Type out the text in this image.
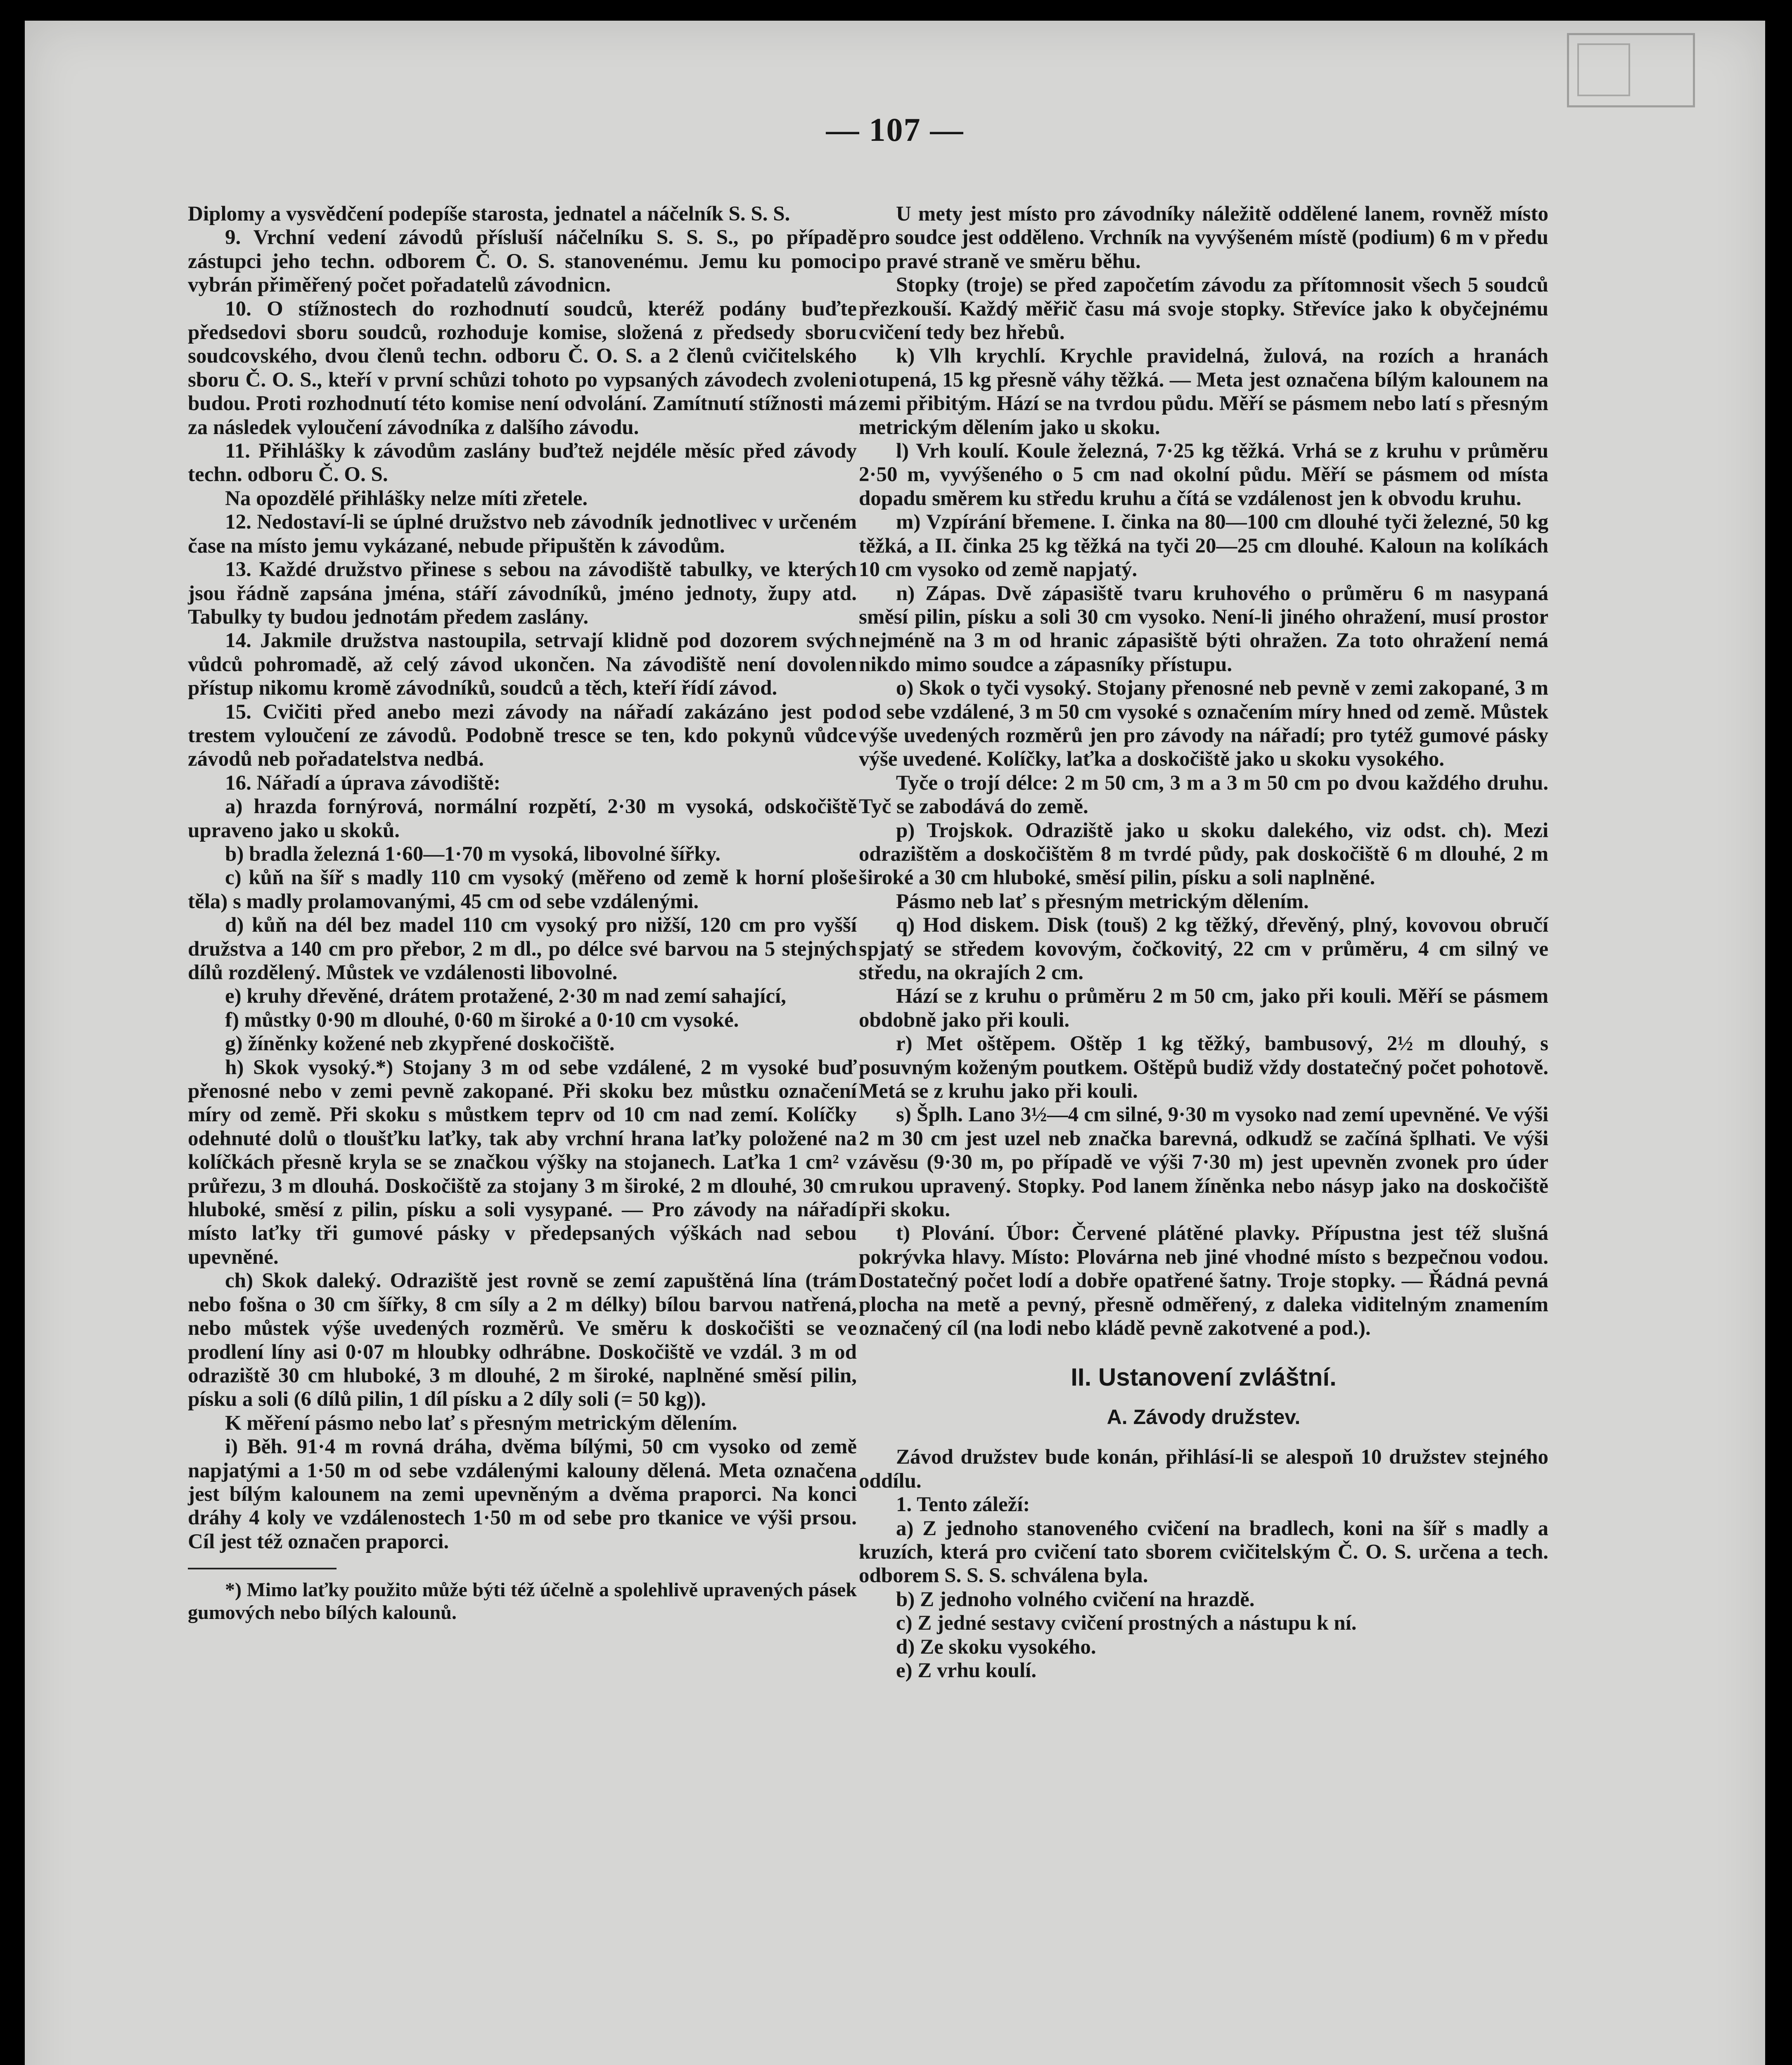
— 107 —

Diplomy a vysvědčení podepíše starosta, jednatel a náčelník S. S. S.

9. Vrchní vedení závodů přísluší náčelníku S. S. S., po případě zástupci jeho techn. odborem Č. O. S. stanovenému. Jemu ku pomoci vybrán přiměřený počet pořadatelů závodnicn.

10. O stížnostech do rozhodnutí soudců, kteréž podány buďte předsedovi sboru soudců, rozhoduje komise, složená z předsedy sboru soudcovského, dvou členů techn. odboru Č. O. S. a 2 členů cvičitelského sboru Č. O. S., kteří v první schůzi tohoto po vypsaných závodech zvoleni budou. Proti rozhodnutí této komise není odvolání. Zamítnutí stížnosti má za následek vyloučení závodníka z dalšího závodu.

11. Přihlášky k závodům zaslány buďtež nejdéle měsíc před závody techn. odboru Č. O. S.

Na opozdělé přihlášky nelze míti zřetele.

12. Nedostaví-li se úplné družstvo neb závodník jednotlivec v určeném čase na místo jemu vykázané, nebude připuštěn k závodům.

13. Každé družstvo přinese s sebou na závodiště tabulky, ve kterých jsou řádně zapsána jména, stáří závodníků, jméno jednoty, župy atd. Tabulky ty budou jednotám předem zaslány.

14. Jakmile družstva nastoupila, setrvají klidně pod dozorem svých vůdců pohromadě, až celý závod ukončen. Na závodiště není dovolen přístup nikomu kromě závodníků, soudců a těch, kteří řídí závod.

15. Cvičiti před anebo mezi závody na nářadí zakázáno jest pod trestem vyloučení ze závodů. Podobně tresce se ten, kdo pokynů vůdce závodů neb pořadatelstva nedbá.

16. Nářadí a úprava závodiště:

a) hrazda fornýrová, normální rozpětí, 2·30 m vysoká, odskočiště upraveno jako u skoků.

b) bradla železná 1·60—1·70 m vysoká, libovolné šířky.

c) kůň na šíř s madly 110 cm vysoký (měřeno od země k horní ploše těla) s madly prolamovanými, 45 cm od sebe vzdálenými.

d) kůň na dél bez madel 110 cm vysoký pro nižší, 120 cm pro vyšší družstva a 140 cm pro přebor, 2 m dl., po délce své barvou na 5 stejných dílů rozdělený. Můstek ve vzdálenosti libovolné.

e) kruhy dřevěné, drátem protažené, 2·30 m nad zemí sahající,

f) můstky 0·90 m dlouhé, 0·60 m široké a 0·10 cm vysoké.

g) žíněnky kožené neb zkypřené doskočiště.

h) Skok vysoký.*) Stojany 3 m od sebe vzdálené, 2 m vysoké buď přenosné nebo v zemi pevně zakopané. Při skoku bez můstku označení míry od země. Při skoku s můstkem teprv od 10 cm nad zemí. Kolíčky odehnuté dolů o tloušťku laťky, tak aby vrchní hrana laťky položené na kolíčkách přesně kryla se se značkou výšky na stojanech. Laťka 1 cm² v průřezu, 3 m dlouhá. Doskočiště za stojany 3 m široké, 2 m dlouhé, 30 cm hluboké, směsí z pilin, písku a soli vysypané. — Pro závody na nářadí místo laťky tři gumové pásky v předepsaných výškách nad sebou upevněné.

ch) Skok daleký. Odraziště jest rovně se zemí zapuštěná lína (trám nebo fošna o 30 cm šířky, 8 cm síly a 2 m délky) bílou barvou natřená, nebo můstek výše uvedených rozměrů. Ve směru k doskočišti se ve prodlení líny asi 0·07 m hloubky odhrábne. Doskočiště ve vzdál. 3 m od odraziště 30 cm hluboké, 3 m dlouhé, 2 m široké, naplněné směsí pilin, písku a soli (6 dílů pilin, 1 díl písku a 2 díly soli (= 50 kg)).

K měření pásmo nebo lať s přesným metrickým dělením.

i) Běh. 91·4 m rovná dráha, dvěma bílými, 50 cm vysoko od země napjatými a 1·50 m od sebe vzdálenými kalouny dělená. Meta označena jest bílým kalounem na zemi upevněným a dvěma praporci. Na konci dráhy 4 koly ve vzdálenostech 1·50 m od sebe pro tkanice ve výši prsou. Cíl jest též označen praporci.

*) Mimo laťky použito může býti též účelně a spolehlivě upravených pásek gumových nebo bílých kalounů.

U mety jest místo pro závodníky náležitě oddělené lanem, rovněž místo pro soudce jest odděleno. Vrchník na vyvýšeném místě (podium) 6 m v předu po pravé straně ve směru běhu.

Stopky (troje) se před započetím závodu za přítomnosit všech 5 soudců přezkouší. Každý měřič času má svoje stopky. Střevíce jako k obyčejnému cvičení tedy bez hřebů.

k) Vlh krychlí. Krychle pravidelná, žulová, na rozích a hranách otupená, 15 kg přesně váhy těžká. — Meta jest označena bílým kalounem na zemi přibitým. Hází se na tvrdou půdu. Měří se pásmem nebo latí s přesným metrickým dělením jako u skoku.

l) Vrh koulí. Koule železná, 7·25 kg těžká. Vrhá se z kruhu v průměru 2·50 m, vyvýšeného o 5 cm nad okolní půdu. Měří se pásmem od místa dopadu směrem ku středu kruhu a čítá se vzdálenost jen k obvodu kruhu.

m) Vzpírání břemene. I. činka na 80—100 cm dlouhé tyči železné, 50 kg těžká, a II. činka 25 kg těžká na tyči 20—25 cm dlouhé. Kaloun na kolíkách 10 cm vysoko od země napjatý.

n) Zápas. Dvě zápasiště tvaru kruhového o průměru 6 m nasypaná směsí pilin, písku a soli 30 cm vysoko. Není-li jiného ohražení, musí prostor nejméně na 3 m od hranic zápasiště býti ohražen. Za toto ohražení nemá nikdo mimo soudce a zápasníky přístupu.

o) Skok o tyči vysoký. Stojany přenosné neb pevně v zemi zakopané, 3 m od sebe vzdálené, 3 m 50 cm vysoké s označením míry hned od země. Můstek výše uvedených rozměrů jen pro závody na nářadí; pro tytéž gumové pásky výše uvedené. Kolíčky, laťka a doskočiště jako u skoku vysokého.

Tyče o trojí délce: 2 m 50 cm, 3 m a 3 m 50 cm po dvou každého druhu. Tyč se zabodává do země.

p) Trojskok. Odraziště jako u skoku dalekého, viz odst. ch). Mezi odrazištěm a doskočištěm 8 m tvrdé půdy, pak doskočiště 6 m dlouhé, 2 m široké a 30 cm hluboké, směsí pilin, písku a soli naplněné.

Pásmo neb lať s přesným metrickým dělením.

q) Hod diskem. Disk (touš) 2 kg těžký, dřevěný, plný, kovovou obručí spjatý se středem kovovým, čočkovitý, 22 cm v průměru, 4 cm silný ve středu, na okrajích 2 cm.

Hází se z kruhu o průměru 2 m 50 cm, jako při kouli. Měří se pásmem obdobně jako při kouli.

r) Met oštěpem. Oštěp 1 kg těžký, bambusový, 2½ m dlouhý, s posuvným koženým poutkem. Oštěpů budiž vždy dostatečný počet pohotově. Metá se z kruhu jako při kouli.

s) Šplh. Lano 3½—4 cm silné, 9·30 m vysoko nad zemí upevněné. Ve výši 2 m 30 cm jest uzel neb značka barevná, odkudž se začíná šplhati. Ve výši závěsu (9·30 m, po případě ve výši 7·30 m) jest upevněn zvonek pro úder rukou upravený. Stopky. Pod lanem žíněnka nebo násyp jako na doskočiště při skoku.

t) Plování. Úbor: Červené plátěné plavky. Přípustna jest též slušná pokrývka hlavy. Místo: Plovárna neb jiné vhodné místo s bezpečnou vodou. Dostatečný počet lodí a dobře opatřené šatny. Troje stopky. — Řádná pevná plocha na metě a pevný, přesně odměřený, z daleka viditelným znamením označený cíl (na lodi nebo kládě pevně zakotvené a pod.).

II. Ustanovení zvláštní.
A. Závody družstev.

Závod družstev bude konán, přihlásí-li se alespoň 10 družstev stejného oddílu.

1. Tento záleží:

a) Z jednoho stanoveného cvičení na bradlech, koni na šíř s madly a kruzích, která pro cvičení tato sborem cvičitelským Č. O. S. určena a tech. odborem S. S. S. schválena byla.

b) Z jednoho volného cvičení na hrazdě.

c) Z jedné sestavy cvičení prostných a nástupu k ní.

d) Ze skoku vysokého.

e) Z vrhu koulí.
